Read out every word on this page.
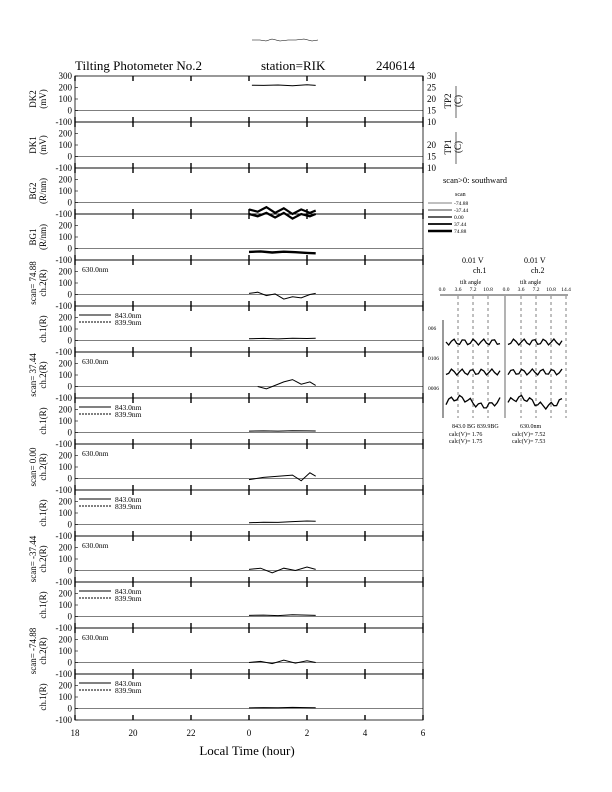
Tilting Photometer No.2	station=RIK	240614
300
200
100
0
-100
DK2 (mV)
30
25
20
15
10
TP2 (C)
200
100
0
-100
DK1 (mV)	20
15
10
TP1 (C)
200
100
0
-100
BG2 (R/nm)
200
100
0
-100
BG1 (R/nm)
200
100
0
-100
scan= 74.88 ch.2(R)	630.0nm
200
100
0
-100
ch.1(R)	843.0nm
839.9nm
200
100
0
-100
scan= 37.44 ch.2(R)	630.0nm
200
100
0
-100
ch.1(R)	843.0nm
839.9nm
200
100
0
-100
scan= 0.00 ch.2(R)	630.0nm
200
100
0
-100
ch.1(R)	843.0nm
839.9nm
200
100
0
-100
scan= -37.44 ch.2(R)	630.0nm
200
100
0
-100
ch.1(R)	843.0nm
839.9nm
200
100
0
-100
scan= -74.88 ch.2(R)	630.0nm
200
100
0
-100
ch.1(R)	843.0nm
839.9nm
18	20	22	0	2	4	6
Local Time (hour)
scan>0: southward
scan
-74.88
-37.44
0.00
37.44
74.88
0.01 V
ch.1
0.01 V
ch.2
tilt angle	tilt angle
0.0 3.6 7.2 10.8 0.0 3.6 7.2 10.8 14.4
006
0106
0006
843.0 BG 839.9BG	630.0nm
calc(V)= 1.76
calc(V)= 1.75
calc(V)= 7.52
calc(V)= 7.53
